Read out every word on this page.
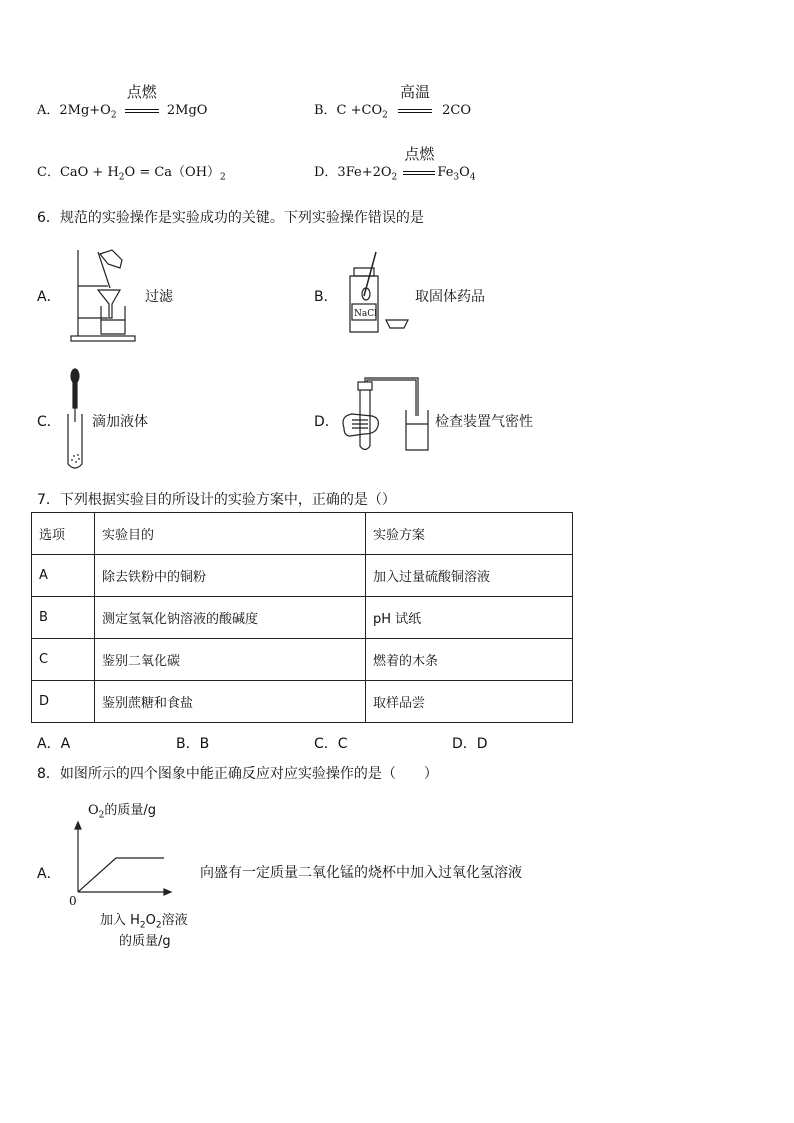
A．$2Mg+O_2$
点燃
2MgO	B．$C +CO_2$
高温
2CO
C．CaO + $H_2O = Ca(OH)_2$	D．$3Fe+2O_2$
点燃
$Fe_3O_4$
6．规范的实验操作是实验成功的关键。下列实验操作错误的是
A．	过滤	B．
NaCl
取固体药品
C． 滴加液体	D．	检查装置气密性
7．下列根据实验目的所设计的实验方案中，正确的是（）
选项	实验目的	实验方案
A	除去铁粉中的铜粉	加入过量硫酸铜溶液
B	测定氢氧化钠溶液的酸碱度	pH 试纸
C	鉴别二氧化碳	燃着的木条
D	鉴别蔗糖和食盐	取样品尝
A．A	B．B	C．C	D．D
8．如图所示的四个图象中能正确反应对应实验操作的是（　　）
A．
$O_2$的质量/g
0
加入 $H_2O_2$溶液
的质量/g
向盛有一定质量二氧化锰的烧杯中加入过氧化氢溶液
